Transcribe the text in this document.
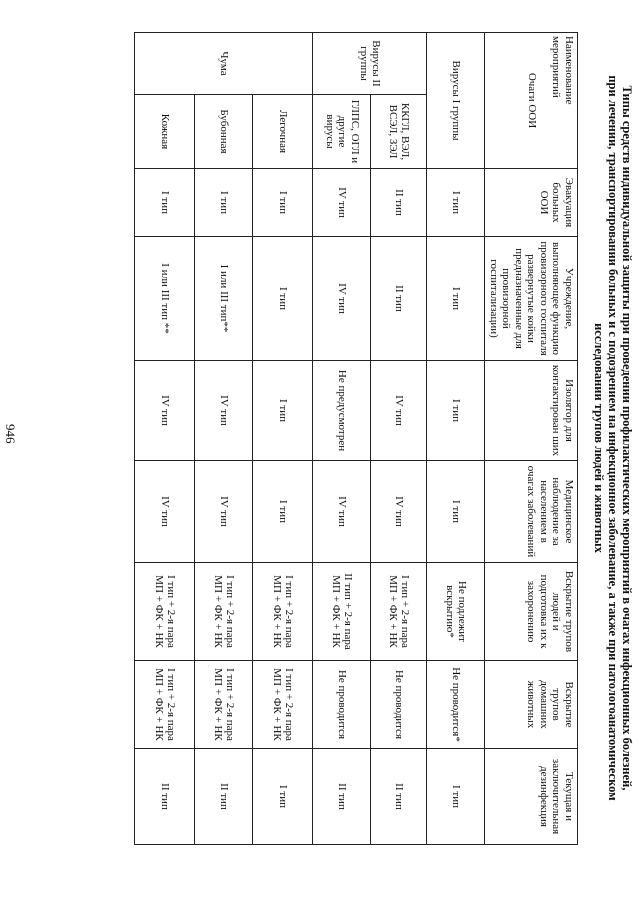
946	Типы средств индивидуальной защиты при проведении профилактических мероприятий в очагах инфекционных болезней,
при лечении, транспортировании больных и с подозрением на инфекционное заболевание, а также при патологоанатомическом
исследовании трупов людей и животных
Наименование мероприятий
Очаги ООИ		Эвакуация больных ООИ	Учреждение, выполняющее функцию провизорного госпиталя развернутые койки предназначенные для провизорной госпитализации)	Изолятор для контактирован ших	Медицинское наблюдение за населением в очагах заболеваний	Вскрытие трупов людей и подготовка их к захоронению	Вскрытие трупов домашних животных	Текущая и заключительная дезинфекция
Вирусы I группы		I тип	I тип	I тип	I тип	Не подлежит вскрытию*	Не проводится*	I тип
Вирусы II группы	ККГЛ, ВЭЛ, ВСЭЛ, ЗЭЛ	II тип	II тип	IV тип	IV тип	I тип + 2-я пара МП + ФК + НК	Не проводится	II тип
	ГЛПС, ОГЛ и другие вирусы	IV тип	IV тип	Не предусмотрен	IV тип	II тип + 2-я пара МП + ФК + НК	Не проводится	II тип
Чума	Легочная	I тип	I тип	I тип	I тип	I тип + 2-я пара МП + ФК + НК	I тип + 2-я пара МП + ФК + НК	I тип
	Бубонная	I тип	I или III тип**	IV тип	IV тип	I тип + 2-я пара МП + ФК + НК	I тип + 2-я пара МП + ФК + НК	II тип
	Кожная	I тип	I или III тип **	IV тип	IV тип	I тип + 2-я пара МП + ФК + НК	I тип + 2-я пара МП + ФК + НК	II тип
